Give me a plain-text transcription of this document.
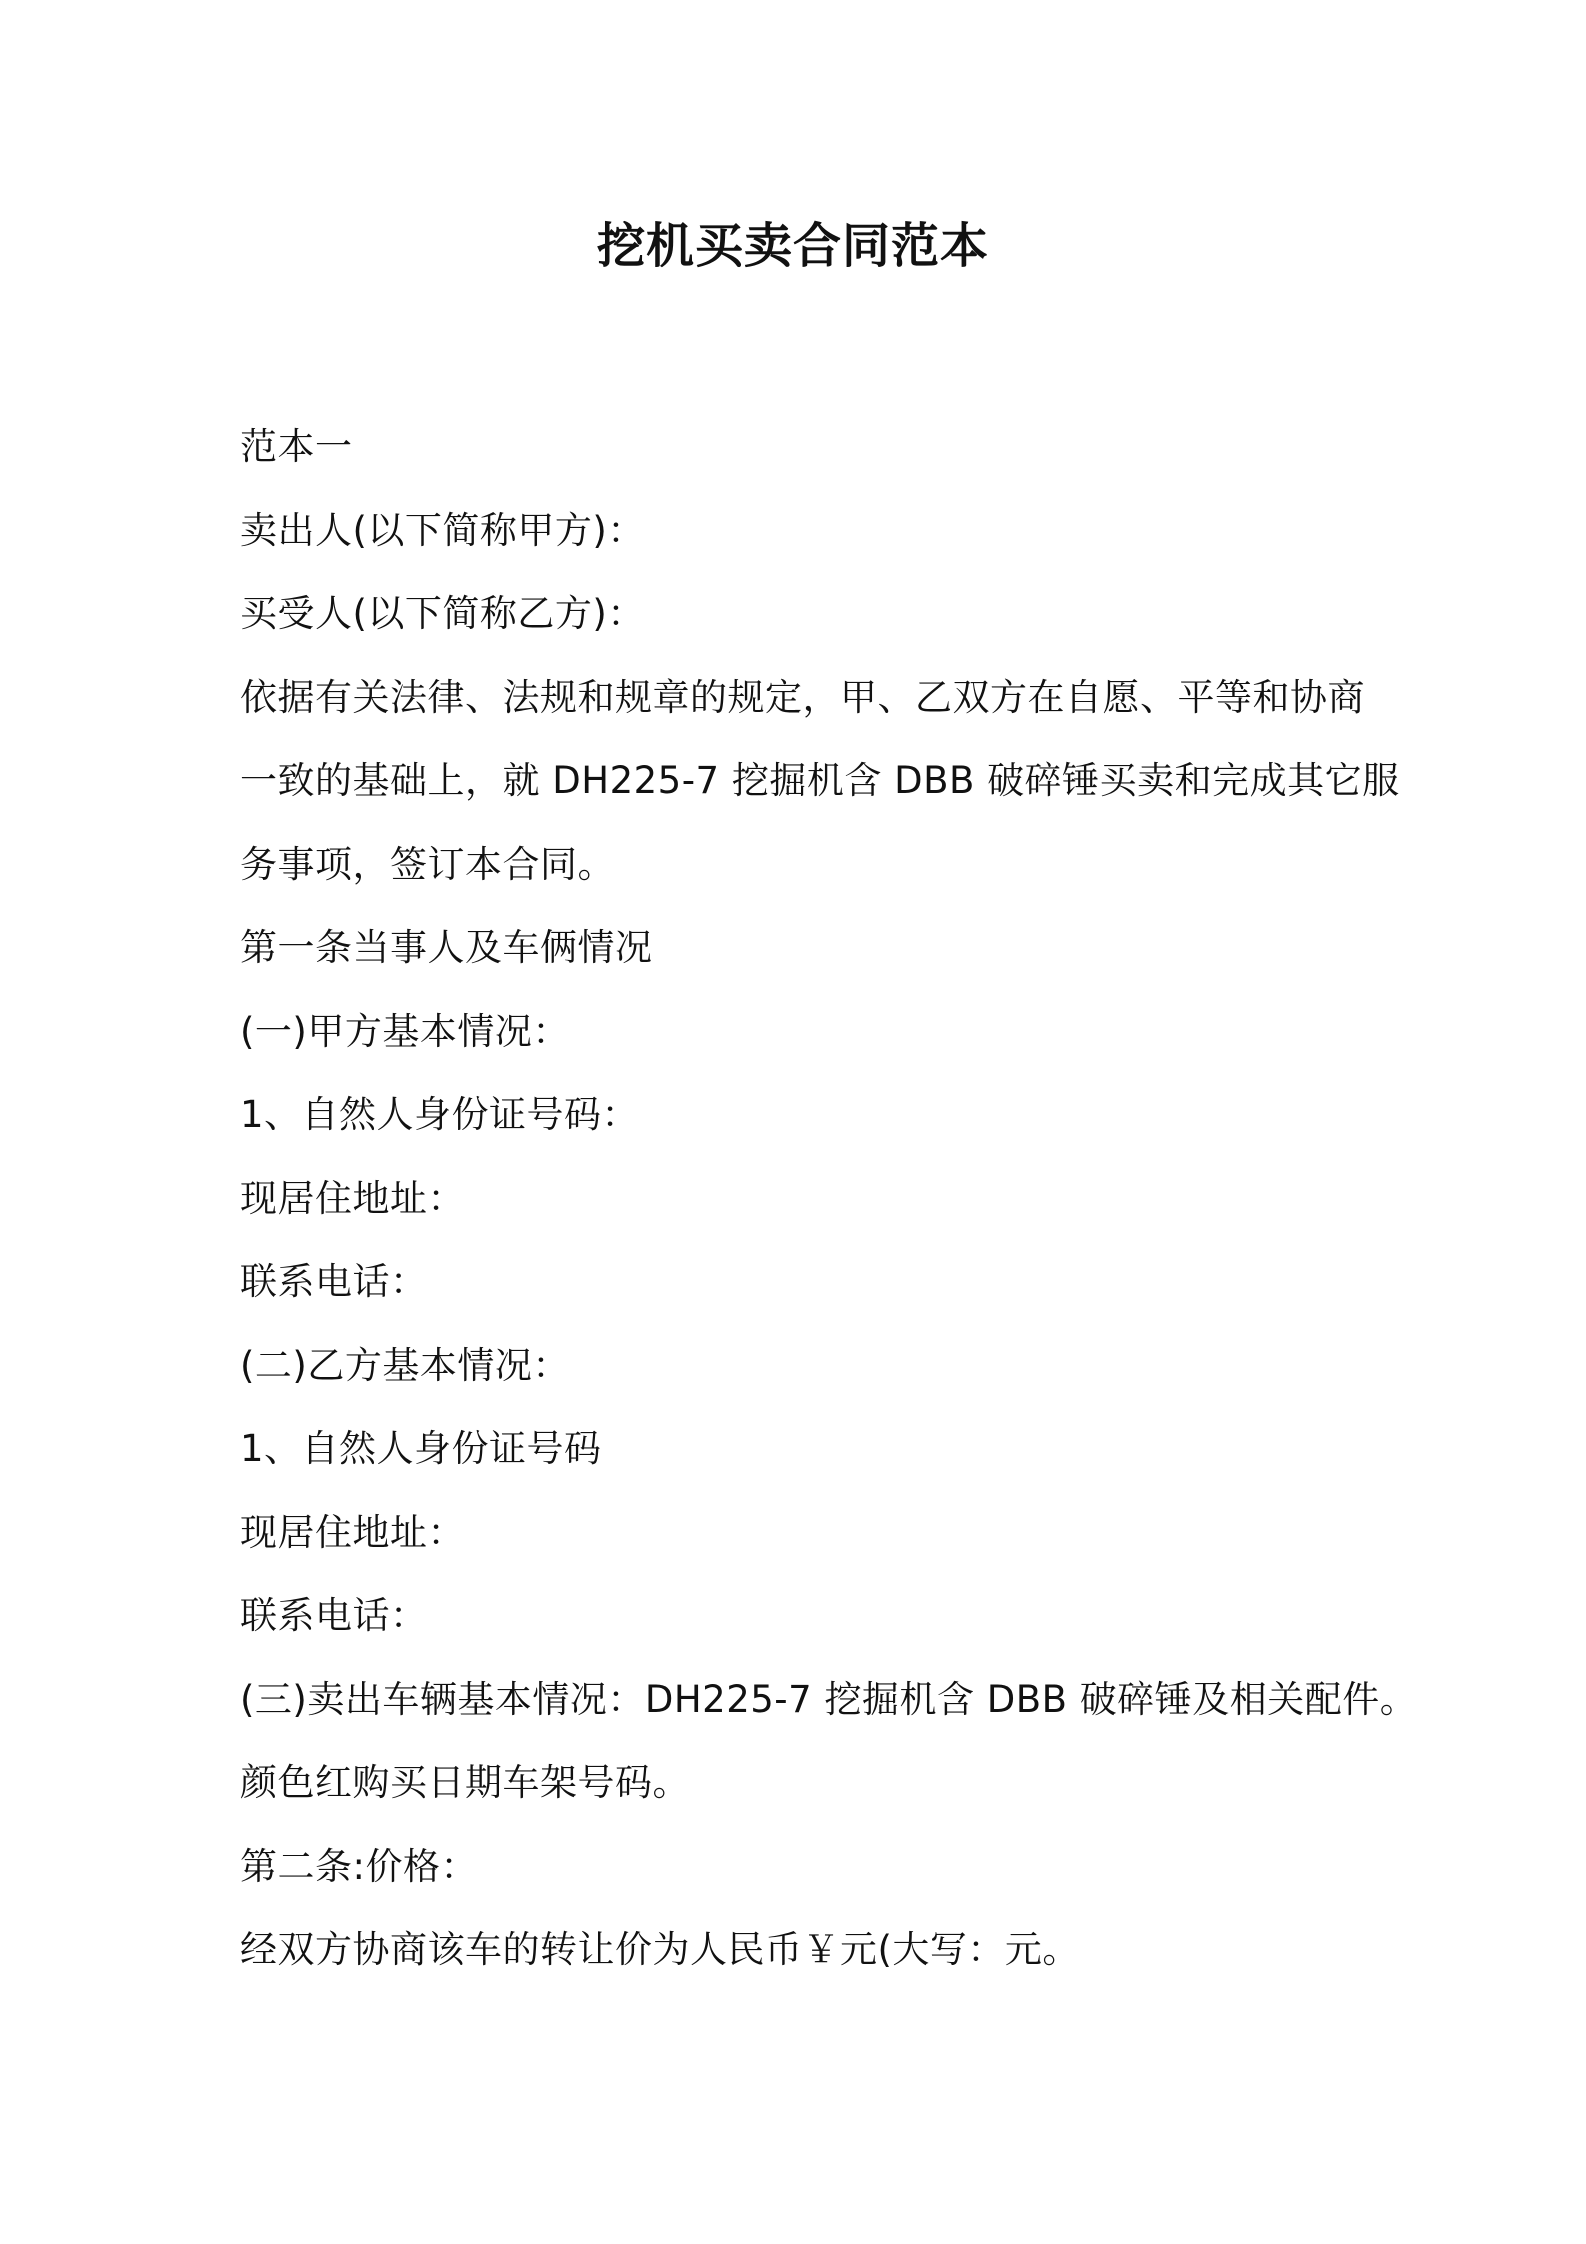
挖机买卖合同范本
范本一
卖出人(以下简称甲方)：
买受人(以下简称乙方)：
依据有关法律、法规和规章的规定，甲、乙双方在自愿、平等和协商
一致的基础上，就 DH225-7 挖掘机含 DBB 破碎锤买卖和完成其它服
务事项，签订本合同。
第一条当事人及车俩情况
(一)甲方基本情况：
1、自然人身份证号码：
现居住地址：
联系电话：
(二)乙方基本情况：
1、自然人身份证号码
现居住地址：
联系电话：
(三)卖出车辆基本情况：DH225-7 挖掘机含 DBB 破碎锤及相关配件。
颜色红购买日期车架号码。
第二条:价格：
经双方协商该车的转让价为人民币￥元(大写：元。
